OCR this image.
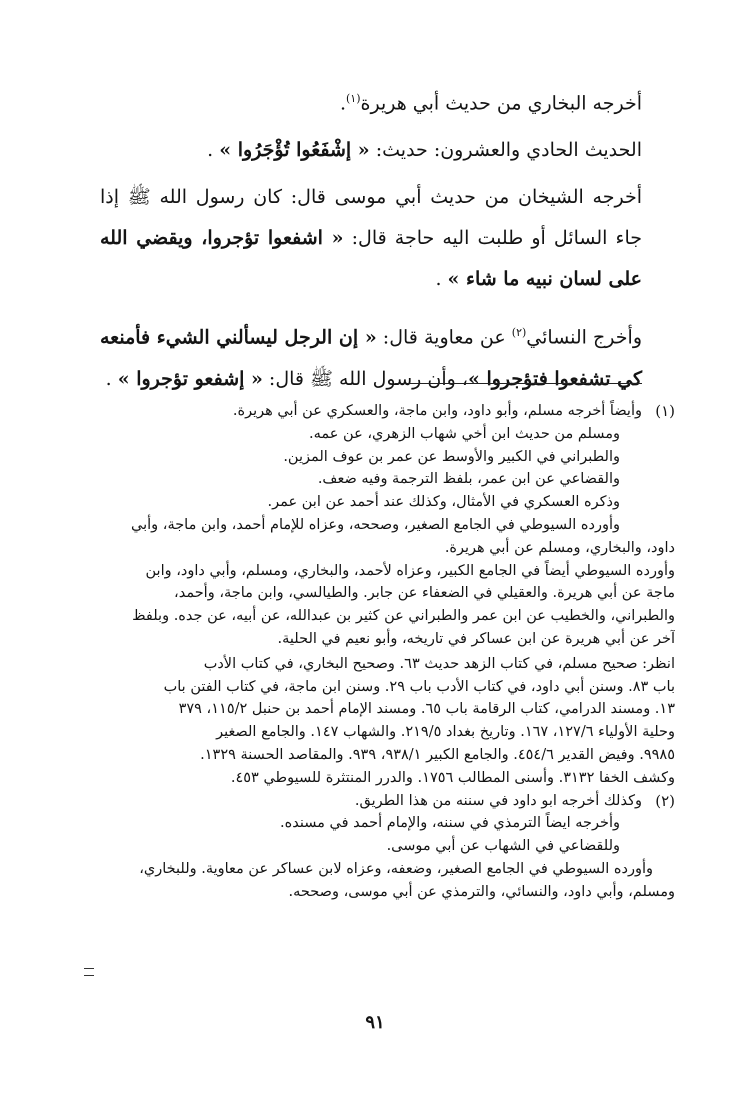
أخرجه البخاري من حديث أبي هريرة$^{(١)}$.

الحديث الحادي والعشرون: حديث: « إشْفَعُوا تُؤْجَرُوا » .

أخرجه الشيخان من حديث أبي موسى قال: كان رسول الله ﷺ إذا جاء السائل أو طلبت اليه حاجة قال: « اشفعوا تؤجروا، ويقضي الله على لسان نبيه ما شاء » .

وأخرج النسائي$^{(٢)}$ عن معاوية قال: « إن الرجل ليسألني الشيء فأمنعه كي تشفعوا فتؤجروا »، وأن رسول الله ﷺ قال: « إشفعو تؤجروا » .

(١)

وأيضاً أخرجه مسلم، وأبو داود، وابن ماجة، والعسكري عن أبي هريرة.

ومسلم من حديث ابن أخي شهاب الزهري، عن عمه.

والطبراني في الكبير والأوسط عن عمر بن عوف المزين.

والقضاعي عن ابن عمر، بلفظ الترجمة وفيه ضعف.

وذكره العسكري في الأمثال، وكذلك عند أحمد عن ابن عمر.

وأورده السيوطي في الجامع الصغير، وصححه، وعزاه للإمام أحمد، وابن ماجة، وأبي

داود، والبخاري، ومسلم عن أبي هريرة.

وأورده السيوطي أيضاً في الجامع الكبير، وعزاه لأحمد، والبخاري، ومسلم، وأبي داود، وابن

ماجة عن أبي هريرة. والعقيلي في الضعفاء عن جابر. والطيالسي، وابن ماجة، وأحمد،

والطبراني، والخطيب عن ابن عمر والطبراني عن كثير بن عبدالله، عن أبيه، عن جده. وبلفظ

آخر عن أبي هريرة عن ابن عساكر في تاريخه، وأبو نعيم في الحلية.

انظر: صحيح مسلم، في كتاب الزهد حديث ٦٣. وصحيح البخاري، في كتاب الأدب

باب ٨٣. وسنن أبي داود، في كتاب الأدب باب ٢٩. وسنن ابن ماجة، في كتاب الفتن باب

١٣. ومسند الدرامي، كتاب الرقامة باب ٦٥. ومسند الإمام أحمد بن حنبل ١١٥/٢، ٣٧٩

وحلية الأولياء ١٢٧/٦، ١٦٧. وتاريخ بغداد ٢١٩/٥. والشهاب ١٤٧. والجامع الصغير

٩٩٨٥. وفيض القدير ٤٥٤/٦. والجامع الكبير ٩٣٨/١، ٩٣٩. والمقاصد الحسنة ١٣٢٩.

وكشف الخفا ٣١٣٢. وأسنى المطالب ١٧٥٦. والدرر المنتثرة للسيوطي ٤٥٣.

(٢)

وكذلك أخرجه ابو داود في سننه من هذا الطريق.

وأخرجه ايضاً الترمذي في سننه، والإمام أحمد في مسنده.

وللقضاعي في الشهاب عن أبي موسى.

وأورده السيوطي في الجامع الصغير، وضعفه، وعزاه لابن عساكر عن معاوية. وللبخاري،

ومسلم، وأبي داود، والنسائي، والترمذي عن أبي موسى، وصححه.

٩١
